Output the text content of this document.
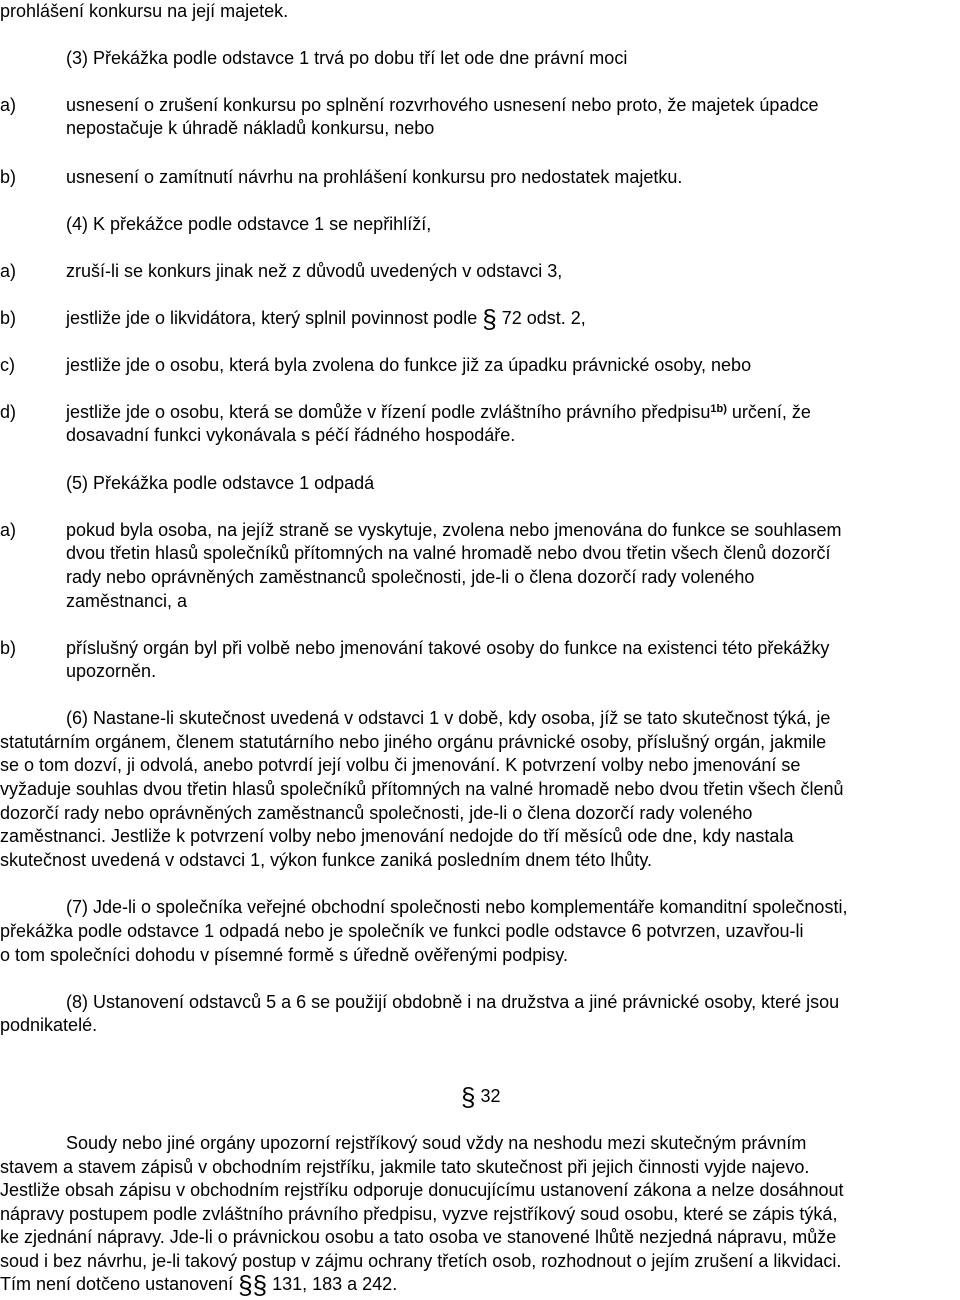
prohlášení konkursu na její majetek.
(3) Překážka podle odstavce 1 trvá po dobu tří let ode dne právní moci
a)	usnesení o zrušení konkursu po splnění rozvrhového usnesení nebo proto, že majetek úpadce
nepostačuje k úhradě nákladů konkursu, nebo
b)	usnesení o zamítnutí návrhu na prohlášení konkursu pro nedostatek majetku.
(4) K překážce podle odstavce 1 se nepřihlíží,
a)	zruší-li se konkurs jinak než z důvodů uvedených v odstavci 3,
b)	jestliže jde o likvidátora, který splnil povinnost podle § 72 odst. 2,
c)	jestliže jde o osobu, která byla zvolena do funkce již za úpadku právnické osoby, nebo
d)	jestliže jde o osobu, která se domůže v řízení podle zvláštního právního předpisu$^{1b)}$ určení, že
dosavadní funkci vykonávala s péčí řádného hospodáře.
(5) Překážka podle odstavce 1 odpadá
a)	pokud byla osoba, na jejíž straně se vyskytuje, zvolena nebo jmenována do funkce se souhlasem
dvou třetin hlasů společníků přítomných na valné hromadě nebo dvou třetin všech členů dozorčí
rady nebo oprávněných zaměstnanců společnosti, jde-li o člena dozorčí rady voleného
zaměstnanci, a
b)	příslušný orgán byl při volbě nebo jmenování takové osoby do funkce na existenci této překážky
upozorněn.
(6) Nastane-li skutečnost uvedená v odstavci 1 v době, kdy osoba, jíž se tato skutečnost týká, je
statutárním orgánem, členem statutárního nebo jiného orgánu právnické osoby, příslušný orgán, jakmile
se o tom dozví, ji odvolá, anebo potvrdí její volbu či jmenování. K potvrzení volby nebo jmenování se
vyžaduje souhlas dvou třetin hlasů společníků přítomných na valné hromadě nebo dvou třetin všech členů
dozorčí rady nebo oprávněných zaměstnanců společnosti, jde-li o člena dozorčí rady voleného
zaměstnanci. Jestliže k potvrzení volby nebo jmenování nedojde do tří měsíců ode dne, kdy nastala
skutečnost uvedená v odstavci 1, výkon funkce zaniká posledním dnem této lhůty.
(7) Jde-li o společníka veřejné obchodní společnosti nebo komplementáře komanditní společnosti,
překážka podle odstavce 1 odpadá nebo je společník ve funkci podle odstavce 6 potvrzen, uzavřou-li
o tom společníci dohodu v písemné formě s úředně ověřenými podpisy.
(8) Ustanovení odstavců 5 a 6 se použijí obdobně i na družstva a jiné právnické osoby, které jsou
podnikatelé.
§ 32
Soudy nebo jiné orgány upozorní rejstříkový soud vždy na neshodu mezi skutečným právním
stavem a stavem zápisů v obchodním rejstříku, jakmile tato skutečnost při jejich činnosti vyjde najevo.
Jestliže obsah zápisu v obchodním rejstříku odporuje donucujícímu ustanovení zákona a nelze dosáhnout
nápravy postupem podle zvláštního právního předpisu, vyzve rejstříkový soud osobu, které se zápis týká,
ke zjednání nápravy. Jde-li o právnickou osobu a tato osoba ve stanovené lhůtě nezjedná nápravu, může
soud i bez návrhu, je-li takový postup v zájmu ochrany třetích osob, rozhodnout o jejím zrušení a likvidaci.
Tím není dotčeno ustanovení §§ 131, 183 a 242.
